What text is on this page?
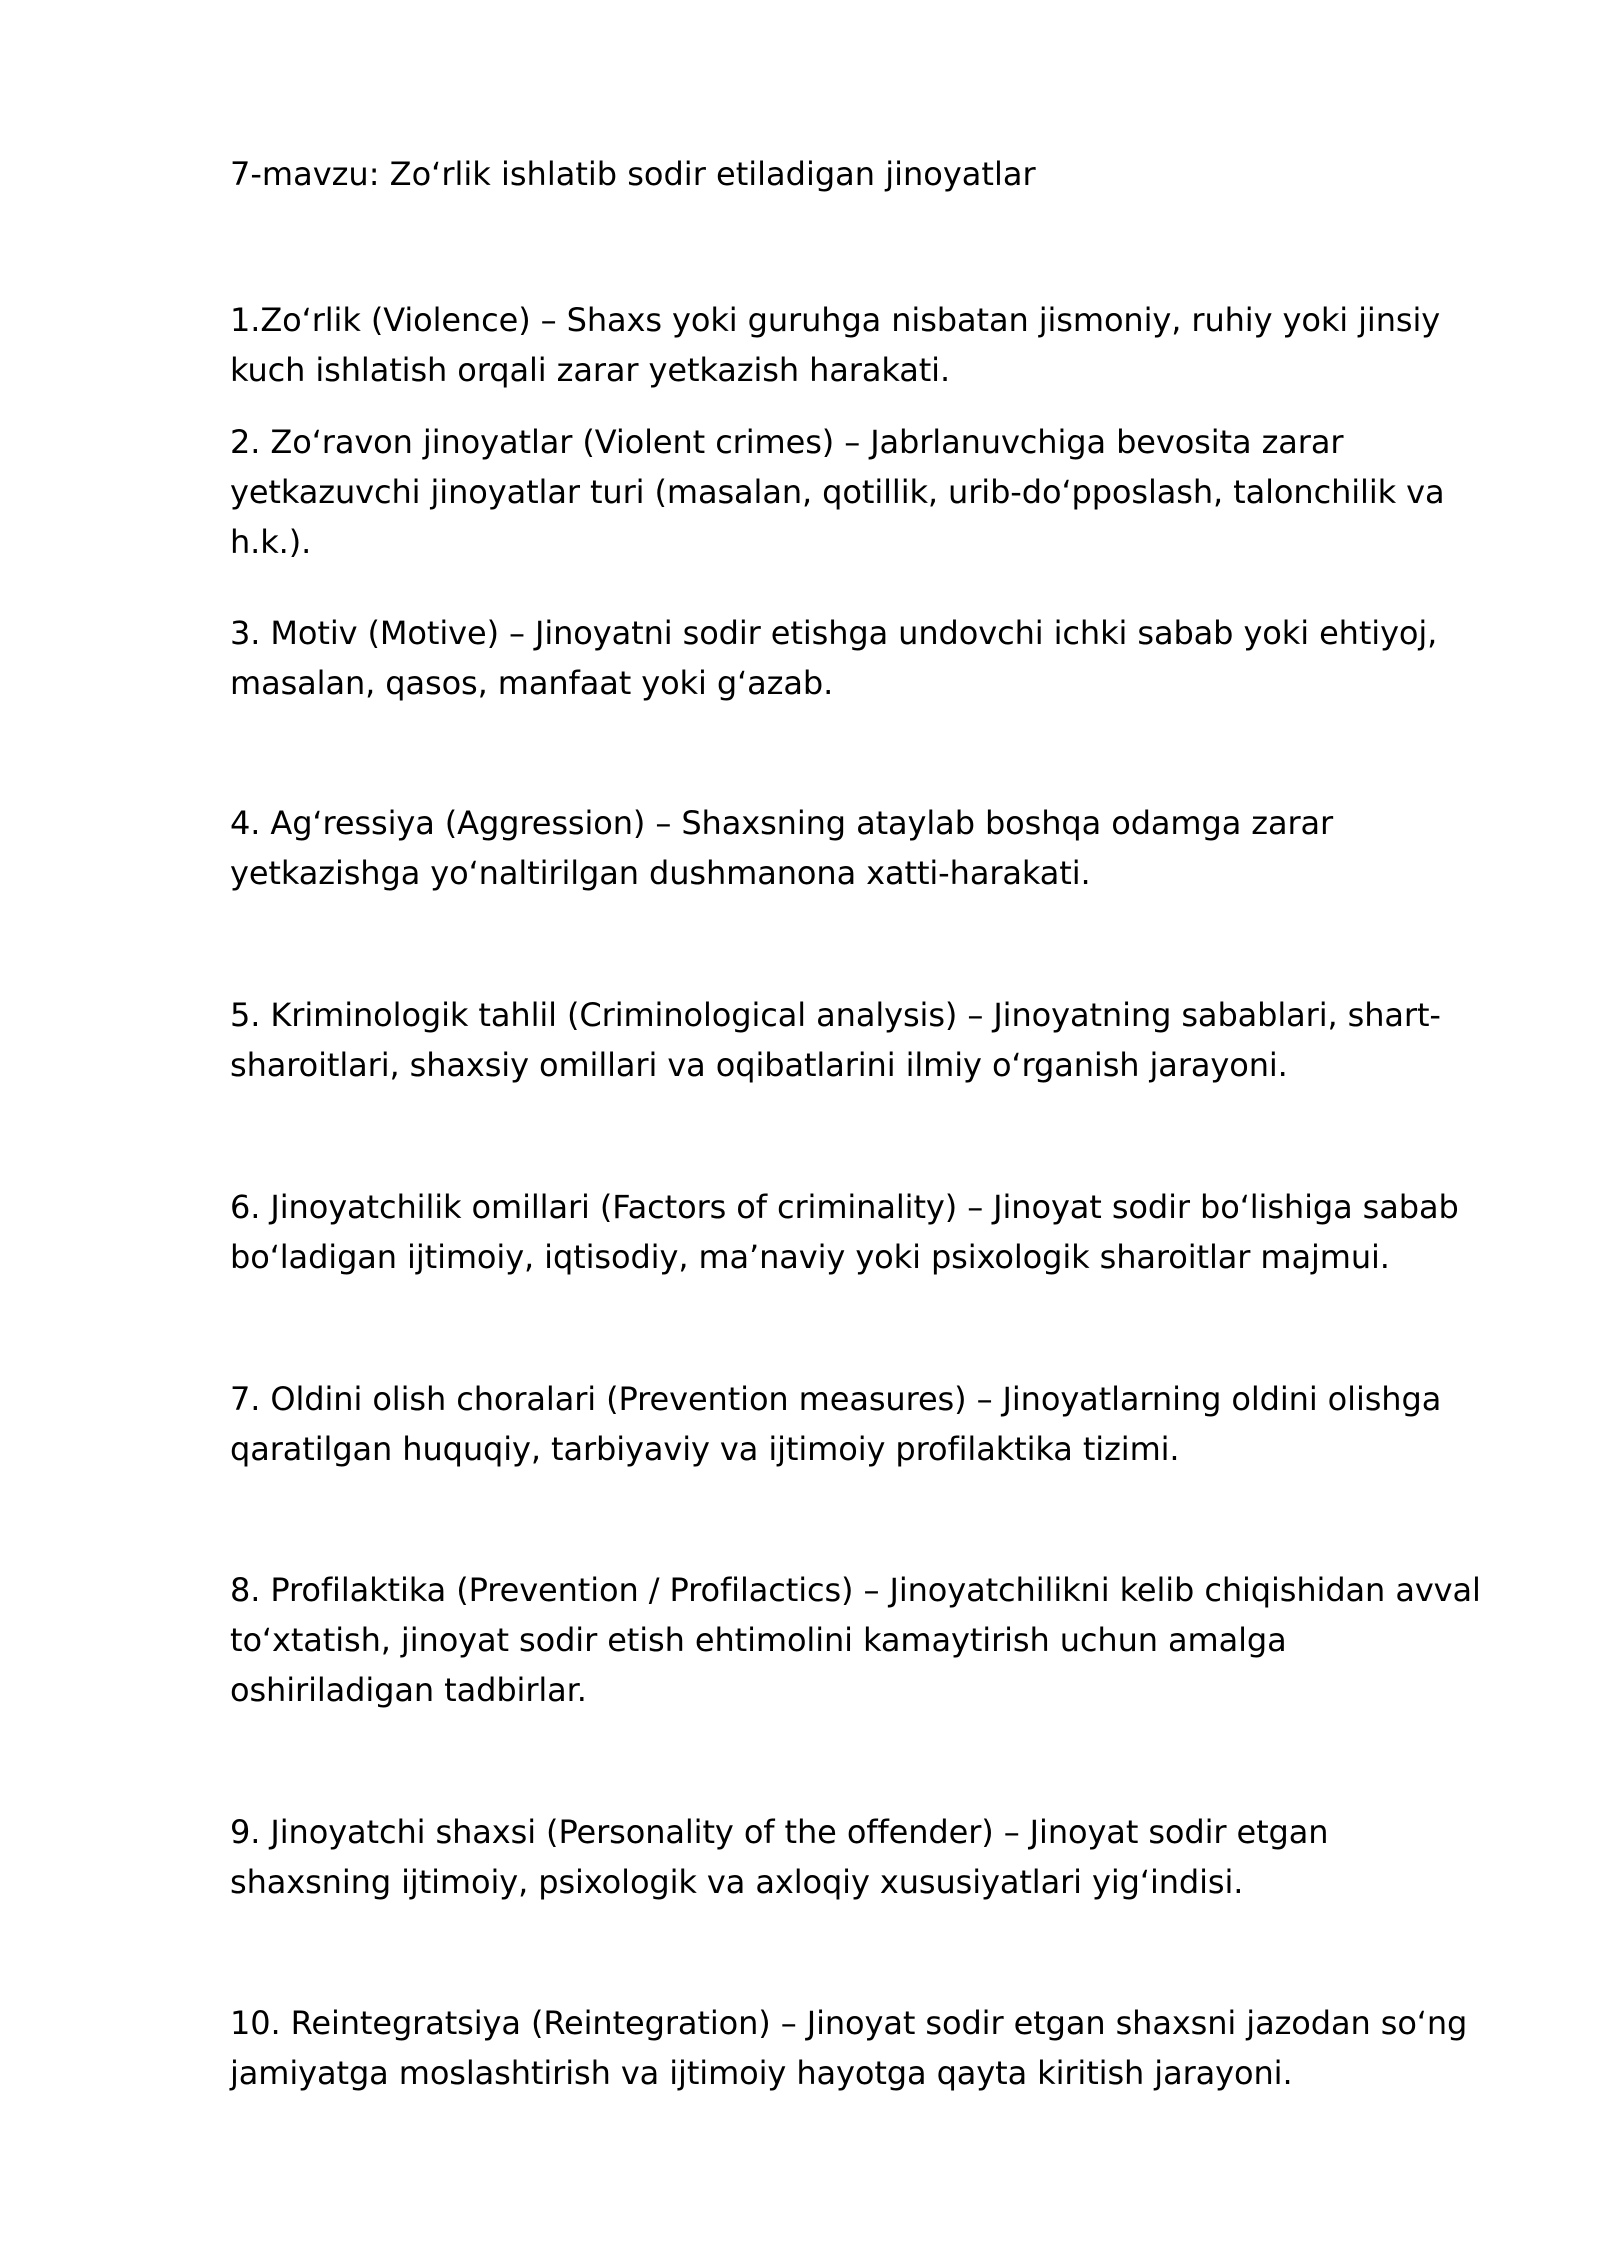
7-mavzu: Zoʻrlik ishlatib sodir etiladigan jinoyatlar

1.Zoʻrlik (Violence) – Shaxs yoki guruhga nisbatan jismoniy, ruhiy yoki jinsiy kuch ishlatish orqali zarar yetkazish harakati.

2. Zoʻravon jinoyatlar (Violent crimes) – Jabrlanuvchiga bevosita zarar yetkazuvchi jinoyatlar turi (masalan, qotillik, urib-doʻpposlash, talonchilik va h.k.).

3. Motiv (Motive) – Jinoyatni sodir etishga undovchi ichki sabab yoki ehtiyoj, masalan, qasos, manfaat yoki gʻazab.

4. Agʻressiya (Aggression) – Shaxsning ataylab boshqa odamga zarar yetkazishga yoʻnaltirilgan dushmanona xatti-harakati.

5. Kriminologik tahlil (Criminological analysis) – Jinoyatning sabablari, shart-sharoitlari, shaxsiy omillari va oqibatlarini ilmiy oʻrganish jarayoni.

6. Jinoyatchilik omillari (Factors of criminality) – Jinoyat sodir boʻlishiga sabab boʻladigan ijtimoiy, iqtisodiy, maʼnaviy yoki psixologik sharoitlar majmui.

7. Oldini olish choralari (Prevention measures) – Jinoyatlarning oldini olishga qaratilgan huquqiy, tarbiyaviy va ijtimoiy profilaktika tizimi.

8. Profilaktika (Prevention / Profilactics) – Jinoyatchilikni kelib chiqishidan avval toʻxtatish, jinoyat sodir etish ehtimolini kamaytirish uchun amalga oshiriladigan tadbirlar.

9. Jinoyatchi shaxsi (Personality of the offender) – Jinoyat sodir etgan shaxsning ijtimoiy, psixologik va axloqiy xususiyatlari yigʻindisi.

10. Reintegratsiya (Reintegration) – Jinoyat sodir etgan shaxsni jazodan soʻng jamiyatga moslashtirish va ijtimoiy hayotga qayta kiritish jarayoni.
